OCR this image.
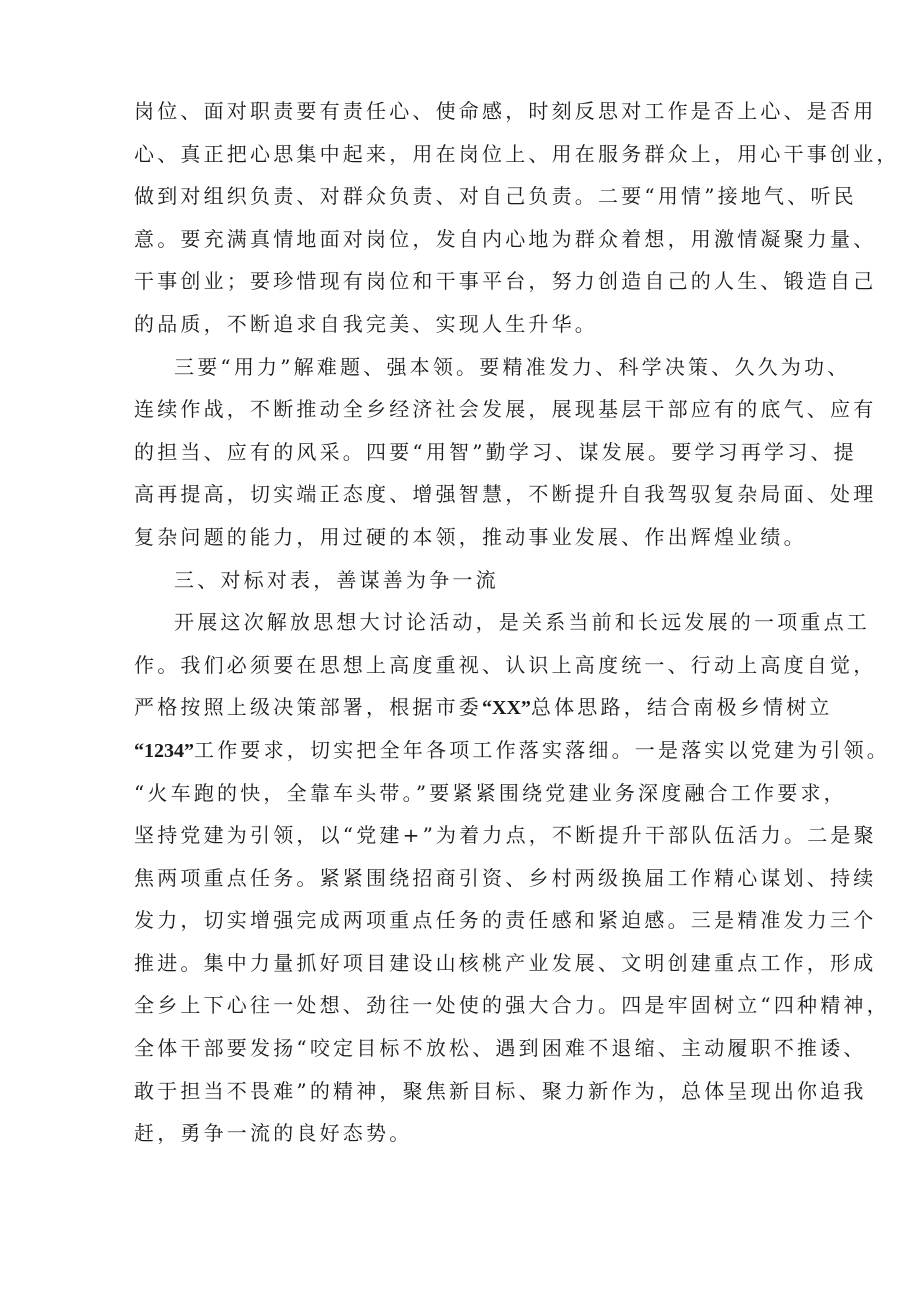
岗位、面对职责要有责任心、使命感，时刻反思对工作是否上心、是否用
心、真正把心思集中起来，用在岗位上、用在服务群众上，用心干事创业，
做到对组织负责、对群众负责、对自己负责。二要“用情”接地气、听民
意。要充满真情地面对岗位，发自内心地为群众着想，用激情凝聚力量、
干事创业；要珍惜现有岗位和干事平台，努力创造自己的人生、锻造自己
的品质，不断追求自我完美、实现人生升华。
三要“用力”解难题、强本领。要精准发力、科学决策、久久为功、
连续作战，不断推动全乡经济社会发展，展现基层干部应有的底气、应有
的担当、应有的风采。四要“用智”勤学习、谋发展。要学习再学习、提
高再提高，切实端正态度、增强智慧，不断提升自我驾驭复杂局面、处理
复杂问题的能力，用过硬的本领，推动事业发展、作出辉煌业绩。
三、对标对表，善谋善为争一流
开展这次解放思想大讨论活动，是关系当前和长远发展的一项重点工
作。我们必须要在思想上高度重视、认识上高度统一、行动上高度自觉，
严格按照上级决策部署，根据市委“XX”总体思路，结合南极乡情树立
“1234”工作要求，切实把全年各项工作落实落细。一是落实以党建为引领。
“火车跑的快，全靠车头带。”要紧紧围绕党建业务深度融合工作要求，
坚持党建为引领，以“党建+”为着力点，不断提升干部队伍活力。二是聚
焦两项重点任务。紧紧围绕招商引资、乡村两级换届工作精心谋划、持续
发力，切实增强完成两项重点任务的责任感和紧迫感。三是精准发力三个
推进。集中力量抓好项目建设山核桃产业发展、文明创建重点工作，形成
全乡上下心往一处想、劲往一处使的强大合力。四是牢固树立“四种精神，
全体干部要发扬“咬定目标不放松、遇到困难不退缩、主动履职不推诿、
敢于担当不畏难”的精神，聚焦新目标、聚力新作为，总体呈现出你追我
赶，勇争一流的良好态势。
